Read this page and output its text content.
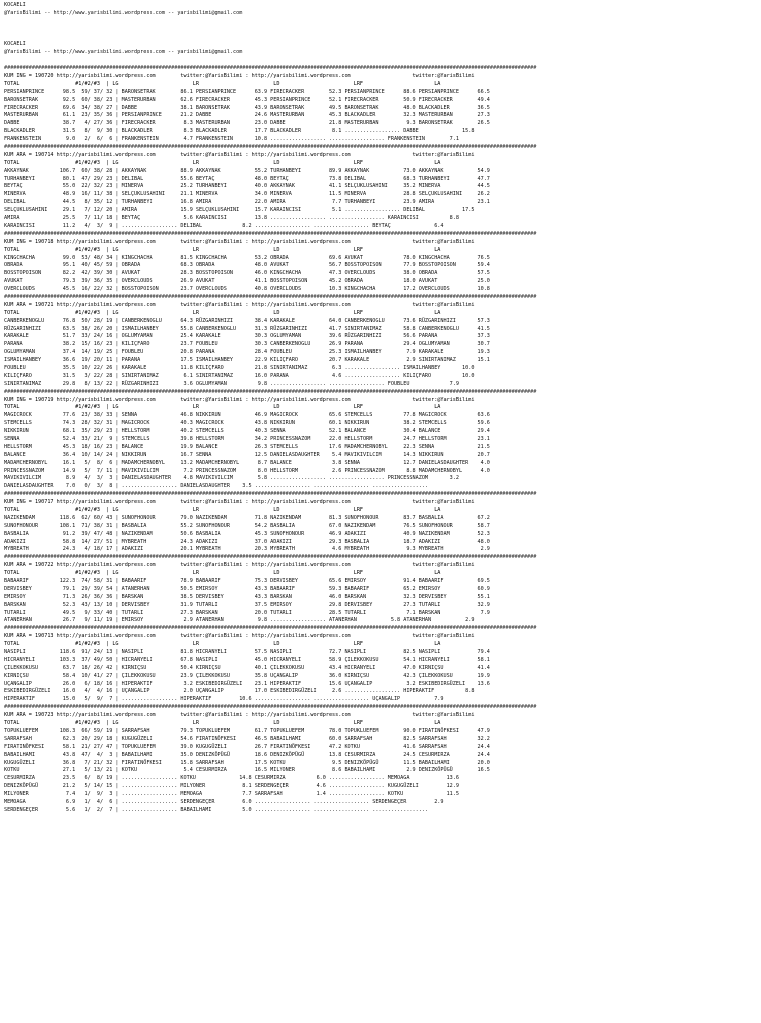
KOCAELI
@YarisBilimi -- http://www.yarisbilimi.wordpress.com -- yarisbilimi@gmail.com

KOCAELI
@YarisBilimi -- http://www.yarisbilimi.wordpress.com -- yarisbilimi@gmail.com

############################################################################################################################################################################
KUM ING = 190720 http://yarisbilimi.wordpress.com        twitter:@YarisBilimi : http://yarisbilimi.wordpress.com                    twitter:@YarisBilimi
TOTAL                  #1/#2/#3  | LG                        LR                        LD                        LRF                       LA
PERSIANPRINCE      98.5  59/ 37/ 32 | BARONSETRAK        86.1 PERSIANPRINCE      63.9 FIRECRACKER        52.3 PERSIANPRINCE      88.6 PERSIANPRINCE      66.5
BARONSETRAK        92.5  60/ 38/ 23 | MASTERURBAN        62.6 FIRECRACKER        45.3 PERSIANPRINCE      52.1 FIRECRACKER        50.9 FIRECRACKER        49.4
FIRECRACKER        69.6  34/ 38/ 27 | DABBE              38.1 BARONSETRAK        43.9 BARONSETRAK        49.5 BARONSETRAK        48.0 BLACKADLER         36.5
MASTERURBAN        61.1  23/ 35/ 36 | PERSIANPRINCE      21.2 DABBE              24.6 MASTERURBAN        45.3 BLACKADLER         32.3 MASTERURBAN        27.3
DABBE              38.7   4/ 27/ 36 | FIRECRACKER         8.3 MASTERURBAN        23.0 DABBE              21.8 MASTERURBAN         9.3 BARONSETRAK        26.5
BLACKADLER         31.5   8/  9/ 30 | BLACKADLER          8.3 BLACKADLER         17.7 BLACKADLER          8.1 .................. DABBE              15.8
FRANKENSTEIN        9.0   2/  6/  6 | FRANKENSTEIN        4.7 FRANKENSTEIN       10.8 .................. .................. FRANKENSTEIN        7.1
############################################################################################################################################################################
KUM ARA = 190714 http://yarisbilimi.wordpress.com        twitter:@YarisBilimi : http://yarisbilimi.wordpress.com                    twitter:@YarisBilimi
TOTAL                  #1/#2/#3  | LG                        LR                        LD                        LRF                       LA
AKKAYNAK          106.7  60/ 38/ 28 | AKKAYNAK           88.9 AKKAYNAK           55.2 TURHANBEYI         89.9 AKKAYNAK           73.0 AKKAYNAK           54.9
TURHANBEYI         80.1  47/ 29/ 23 | DELIBAL            55.6 BEYTAÇ             48.0 BEYTAÇ             73.8 DELIBAL            68.3 TURHANBEYI         47.7
BEYTAÇ             55.0  22/ 32/ 23 | MINERVA            25.2 TURHANBEYI         40.0 AKKAYNAK           41.1 SELÇUKLUSAHINI     35.2 MINERVA            44.5
MINERVA            48.9  16/ 11/ 38 | SELÇUKLUSAHINI     21.1 MINERVA            34.0 MINERVA            11.5 MINERVA            28.8 SELÇUKLUSAHINI     26.2
DELIBAL            44.5   8/ 35/ 12 | TURHANBEYI         16.8 AMIRA              22.0 AMIRA               7.7 TURHANBEYI         23.9 AMIRA              23.1
SELÇUKLUSAHINI     29.1   7/ 12/ 20 | AMIRA              15.9 SELÇUKLUSAHINI     15.7 KARAINCISI          5.1 .................. DELIBAL            17.5
AMIRA              25.5   7/ 11/ 18 | BEYTAÇ              5.6 KARAINCISI         13.8 .................. .................. KARAINCISI          8.8
KARAINCISI         11.2   4/  3/  9 | .................. DELIBAL             8.2 .................. .................. BEYTAÇ              6.4
############################################################################################################################################################################
KUM ING = 190718 http://yarisbilimi.wordpress.com        twitter:@YarisBilimi : http://yarisbilimi.wordpress.com                    twitter:@YarisBilimi
TOTAL                  #1/#2/#3  | LG                        LR                        LD                        LRF                       LA
KINGCHACHA         99.0  53/ 48/ 34 | KINGCHACHA         81.5 KINGCHACHA         53.2 OBRADA             69.6 AVUKAT             78.0 KINGCHACHA         76.5
OBRADA             95.1  40/ 45/ 59 | OBRADA             68.3 OBRADA             48.0 AVUKAT             56.7 BOSSTOPOISON       77.9 BOSSTOPOISON       59.4
BOSSTOPOISON       82.2  42/ 39/ 30 | AVUKAT             28.3 BOSSTOPOISON       46.0 KINGCHACHA         47.3 OVERCLOUDS         38.0 OBRADA             57.5
AVUKAT             79.3  39/ 36/ 35 | OVERCLOUDS         26.9 AVUKAT             41.1 BOSSTOPOISON       45.2 OBRADA             18.0 AVUKAT             25.0
OVERCLOUDS         45.5  16/ 22/ 32 | BOSSTOPOISON       23.7 OVERCLOUDS         40.8 OVERCLOUDS         10.3 KINGCHACHA         17.2 OVERCLOUDS         10.8
############################################################################################################################################################################
KUM ARA = 190721 http://yarisbilimi.wordpress.com        twitter:@YarisBilimi : http://yarisbilimi.wordpress.com                    twitter:@YarisBilimi
TOTAL                  #1/#2/#3  | LG                        LR                        LD                        LRF                       LA
CANBERKENOGLU      76.8  50/ 28/ 19 | CANBERKENOGLU      64.3 RÜZGARINHIZI       38.4 KARAKALE           64.0 CANBERKENOGLU      73.6 RÜZGARINHIZI       57.3
RÜZGARINHIZI       63.5  38/ 26/ 20 | ISMAILHANBEY       55.8 CANBERKENOGLU      31.3 RÜZGARINHIZI       41.7 SINIRTANIMAZ       58.8 CANBERKENOGLU      41.5
KARAKALE           51.7  33/ 24/ 16 | OGLUMYAMAN         25.4 KARAKALE           30.3 OGLUMYAMAN         39.6 RÜZGARINHIZI       56.6 PARANA             37.3
PARANA             38.2  15/ 16/ 23 | KILIÇFARO          23.7 FOUBLEU            30.3 CANBERKENOGLU      26.9 PARANA             29.4 OGLUMYAMAN         30.7
OGLUMYAMAN         37.4  14/ 19/ 25 | FOUBLEU            20.8 PARANA             28.4 FOUBLEU            25.3 ISMAILHANBEY        7.9 KARAKALE           19.3
ISMAILHANBEY       36.6  19/ 20/ 11 | PARANA             17.5 ISMAILHANBEY       22.9 KILIÇFARO          20.7 KARAKALE            2.9 SINIRTANIMAZ       15.1
FOUBLEU            35.5  10/ 22/ 26 | KARAKALE           11.8 KILIÇFARO          21.8 SINIRTANIMAZ        6.3 .................. ISMAILHANBEY       10.0
KILIÇFARO          31.5   3/ 22/ 28 | SINIRTANIMAZ        6.1 SINIRTANIMAZ       16.0 PARANA              4.6 .................. KILIÇFARO          10.0
SINIRTANIMAZ       29.8   8/ 13/ 22 | RÜZGARINHIZI        3.6 OGLUMYAMAN          9.8 .................. .................. FOUBLEU             7.9
############################################################################################################################################################################
KUM ING = 190719 http://yarisbilimi.wordpress.com        twitter:@YarisBilimi : http://yarisbilimi.wordpress.com                    twitter:@YarisBilimi
TOTAL                  #1/#2/#3  | LG                        LR                        LD                        LRF                       LA
MAGICROCK          77.6  23/ 38/ 33 | SENNA              46.8 NIKKIRUN           46.9 MAGICROCK          65.6 STEMCELLS          77.8 MAGICROCK          63.6
STEMCELLS          74.3  28/ 32/ 31 | MAGICROCK          40.3 MAGICROCK          43.8 NIKKIRUN           60.1 NIKKIRUN           38.2 STEMCELLS          59.6
NIKKIRUN           68.1  35/ 29/ 23 | HELLSTORM          40.2 STEMCELLS          40.3 SENNA              52.1 BALANCE            30.4 BALANCE            29.4
SENNA              52.4  33/ 21/  9 | STEMCELLS          39.8 HELLSTORM          34.2 PRINCESSNAZOM      22.0 HELLSTORM          24.7 HELLSTORM          23.1
HELLSTORM          45.3  18/ 16/ 23 | BALANCE            19.9 BALANCE            26.3 STEMCELLS          17.6 MADAMCHERNOBYL     22.3 SENNA              21.5
BALANCE            36.4  10/ 14/ 24 | NIKKIRUN           16.7 SENNA              12.5 DANIELASDAUGHTER    5.4 MAVIKIVILCIM       14.3 NIKKIRUN           20.7
MADAMCHERNOBYL     16.1   5/  8/  6 | MADAMCHERNOBYL     13.2 MADAMCHERNOBYL      8.7 BALANCE             3.8 SENNA              12.7 DANIELASDAUGHTER    4.0
PRINCESSNAZOM      14.9   5/  7/ 11 | MAVIKIVILCIM        7.2 PRINCESSNAZOM       8.0 HELLSTORM           2.6 PRINCESSNAZOM       8.8 MADAMCHERNOBYL      4.0
MAVIKIVILCIM        8.9   4/  3/  3 | DANIELASDAUGHTER    4.8 MAVIKIVILCIM        5.8 .................. .................. PRINCESSNAZOM       3.2
DANIELASDAUGHTER    7.0   0/  3/  8 | .................. DANIELASDAUGHTER    3.5 .................. .................. ..................
############################################################################################################################################################################
KUM ING = 190717 http://yarisbilimi.wordpress.com        twitter:@YarisBilimi : http://yarisbilimi.wordpress.com                    twitter:@YarisBilimi
TOTAL                  #1/#2/#3  | LG                        LR                        LD                        LRF                       LA
NAZIKENDAM        118.6  62/ 60/ 43 | SUNOFHONOUR        79.0 NAZIKENDAM         71.8 NAZIKENDAM         81.3 SUNOFHONOUR        83.7 BASBALIA           67.2
SUNOFHONOUR       108.1  71/ 38/ 31 | BASBALIA           55.2 SUNOFHONOUR        54.2 BASBALIA           67.0 NAZIKENDAM         76.5 SUNOFHONOUR        58.7
BASBALIA           91.2  39/ 47/ 48 | NAZIKENDAM         50.6 BASBALIA           45.3 SUNOFHONOUR        46.9 ADAKIZI            40.9 NAZIKENDAM         52.3
ADAKIZI            58.8  14/ 27/ 51 | MYBREATH           24.3 ADAKIZI            37.0 ADAKIZI            29.3 BASBALIA           18.7 ADAKIZI            48.0
MYBREATH           24.3   4/ 18/ 17 | ADAKIZI            20.1 MYBREATH           20.3 MYBREATH            4.6 MYBREATH            9.3 MYBREATH            2.9
############################################################################################################################################################################
KUM ARA = 190722 http://yarisbilimi.wordpress.com        twitter:@YarisBilimi : http://yarisbilimi.wordpress.com                    twitter:@YarisBilimi
TOTAL                  #1/#2/#3  | LG                        LR                        LD                        LRF                       LA
BABAARIF          122.3  74/ 58/ 31 | BABAARIF           78.9 BABAARIF           75.3 DERVISBEY          65.6 EMIRSOY            91.4 BABAARIF           69.5
DERVISBEY          79.1  29/ 39/ 54 | ATANERHAN          50.5 EMIRSOY            43.3 BABAARIF           59.3 BABAARIF           65.2 EMIRSOY            60.9
EMIRSOY            71.3  26/ 36/ 36 | BARSKAN            38.5 DERVISBEY          43.3 BARSKAN            46.0 BARSKAN            32.3 DERVISBEY          55.1
BARSKAN            52.3  43/ 13/ 10 | DERVISBEY          31.9 TUTARLI            37.5 EMIRSOY            29.8 DERVISBEY          27.3 TUTARLI            32.9
TUTARLI            49.5   9/ 33/ 40 | TUTARLI            27.3 BARSKAN            20.0 TUTARLI            28.5 TUTARLI             7.1 BARSKAN             7.9
ATANERHAN          26.7   9/ 11/ 19 | EMIRSOY             2.9 ATANERHAN           9.8 .................. ATANERHAN           5.8 ATANERHAN           2.9
############################################################################################################################################################################
KUM ARA = 190713 http://yarisbilimi.wordpress.com        twitter:@YarisBilimi : http://yarisbilimi.wordpress.com                    twitter:@YarisBilimi
TOTAL                  #1/#2/#3  | LG                        LR                        LD                        LRF                       LA
NASIPLI           118.6  91/ 24/ 13 | NASIPLI            81.8 HICRANYELI         57.5 NASIPLI            72.7 NASIPLI            82.5 NASIPLI            79.4
HICRANYELI        103.3  37/ 49/ 50 | HICRANYELI         67.8 NASIPLI            45.0 HICRANYELI         58.9 ÇILEKKOKUSU        54.1 HICRANYELI         58.1
ÇILEKKOKUSU        63.7  18/ 26/ 42 | KIRNIÇSU           50.4 KIRNIÇSU           40.1 ÇILEKKOKUSU        43.4 HICRANYELI         47.0 KIRNIÇSU           41.4
KIRNIÇSU           58.4  10/ 41/ 27 | ÇILEKKOKUSU        23.9 ÇILEKKOKUSU        35.8 UÇANGALIP          36.0 KIRNIÇSU           42.3 ÇILEKKOKUSU        19.9
UÇANGALIP          26.0   6/ 18/ 16 | HIPERAKTIF          3.2 ESKIBEDIRGÜZELI    23.1 HIPERAKTIF         15.6 UÇANGALIP           3.2 ESKIBEDIRGÜZELI    13.6
ESKIBEDIRGÜZELI    16.0   4/  4/ 16 | UÇANGALIP           2.0 UÇANGALIP          17.0 ESKIBEDIRGÜZELI     2.6 .................. HIPERAKTIF          8.8
HIPERAKTIF         15.0   5/  9/  7 | .................. HIPERAKTIF         10.6 .................. .................. UÇANGALIP           7.9
############################################################################################################################################################################
KUM ARA = 190723 http://yarisbilimi.wordpress.com        twitter:@YarisBilimi : http://yarisbilimi.wordpress.com                    twitter:@YarisBilimi
TOTAL                  #1/#2/#3  | LG                        LR                        LD                        LRF                       LA
TOPUKLUEFEM       108.3  66/ 59/ 19 | SARRAFSAH          79.3 TOPUKLUEFEM        61.7 TOPUKLUEFEM        78.0 TOPUKLUEFEM        90.0 FIRATINÖFKESI      47.9
SARRAFSAH          62.3  20/ 29/ 18 | KUGUGÜZELI         54.6 FIRATINÖFKESI      46.5 BABAILHAMI         60.0 SARRAFSAH          82.5 SARRAFSAH          32.2
FIRATINÖFKESI      58.1  21/ 27/ 47 | TOPUKLUEFEM        39.0 KUGUGÜZELI         26.7 FIRATINÖFKESI      47.2 KOTKU              41.6 SARRAFSAH          24.4
BABAILHAMI         43.8  47/  4/  3 | BABAILHAMI         35.0 DENIZKÖPÜGÜ        18.6 DENIZKÖPÜGÜ        13.8 CESURMIRZA         24.5 CESURMIRZA         24.4
KUGUGÜZELI         36.8   7/ 21/ 32 | FIRATINÖFKESI      15.8 SARRAFSAH          17.5 KOTKU               9.5 DENIZKÖPÜGÜ        11.5 BABAILHAMI         20.0
KOTKU              27.1   5/ 13/ 21 | KOTKU               5.4 CESURMIRZA         16.5 MILYONER            8.6 BABAILHAMI          2.9 DENIZKÖPÜGÜ        16.5
CESURMIRZA         23.5   6/  8/ 19 | .................. KOTKU              14.8 CESURMIRZA          6.0 .................. MEMOAGA            13.6
DENIZKÖPÜGÜ        21.2   5/ 14/ 15 | .................. MILYONER            8.1 SERDENGEÇER         4.6 .................. KUGUGÜZELI         12.9
MILYONER            7.4   1/  9/  3 | .................. MEMOAGA             7.7 SARRAFSAH           1.4 .................. KOTKU              11.5
MEMOAGA             6.9   1/  4/  6 | .................. SERDENGEÇER         6.0 .................. .................. SERDENGEÇER         2.9
SERDENGEÇER         5.6   1/  2/  7 | .................. BABAILHAMI          5.0 .................. .................. ..................
